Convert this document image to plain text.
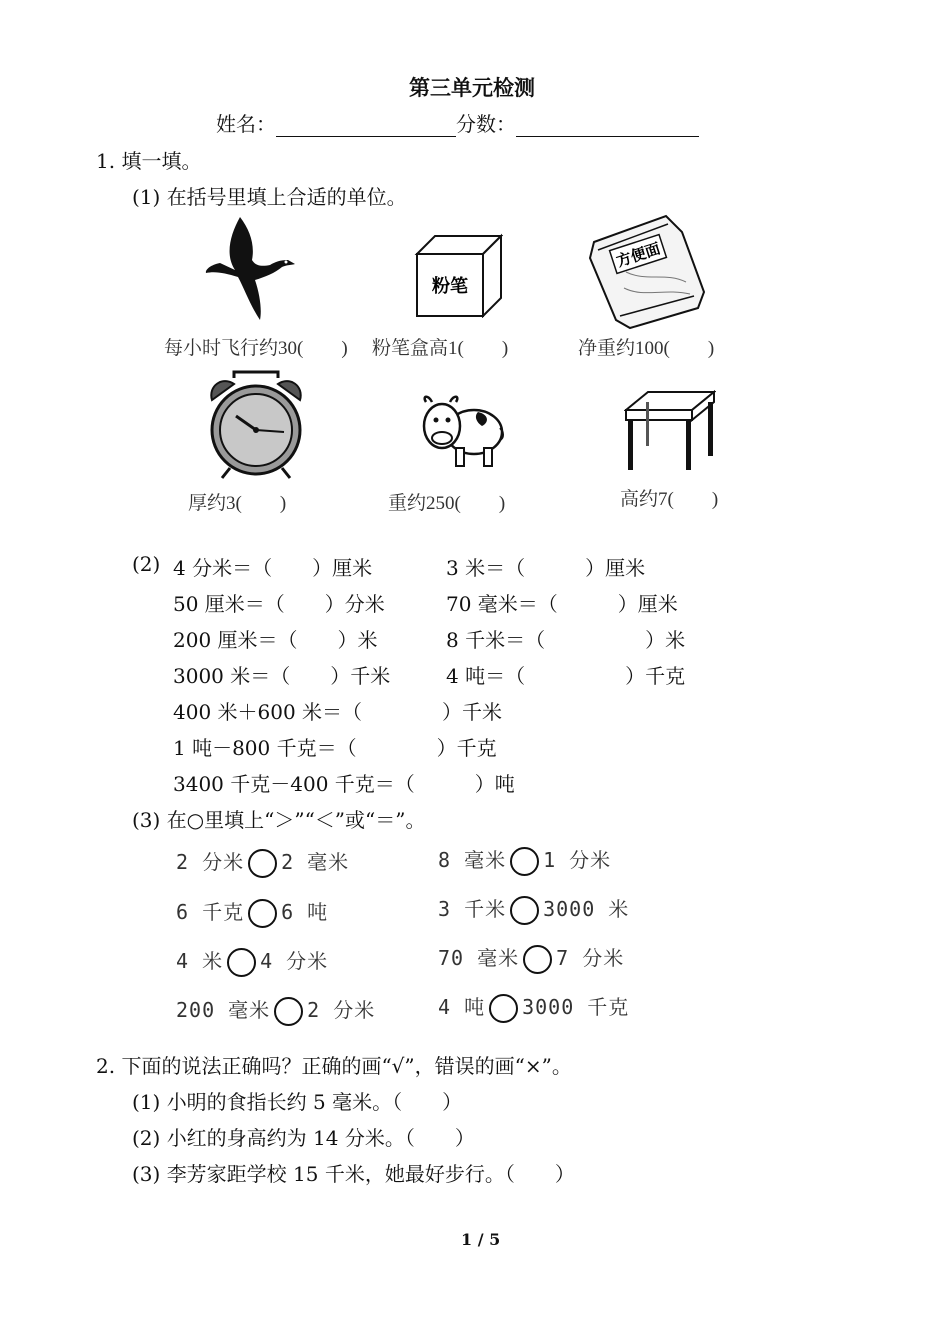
第三单元检测
姓名：	分数：
1. 填一填。
(1) 在括号里填上合适的单位。
粉笔
方便面
每小时飞行约30(　　) 粉笔盒高1(　　)	净重约100(　　)
厚约3(　　)	重约250(　　)	高约7(　　)
(2) 4 分米＝（　　）厘米	3 米＝（　　　）厘米
50 厘米＝（　　）分米	70 毫米＝（　　　）厘米
200 厘米＝（　　）米	8 千米＝（　　　　　）米
3000 米＝（　　）千米	4 吨＝（　　　　　）千克
400 米＋600 米＝（　　　　）千米
1 吨－800 千克＝（　　　　）千克
3400 千克－400 千克＝（　　　）吨
(3) 在○里填上“＞”“＜”或“＝”。
2 分米 2 毫米	8 毫米 1 分米
6 千克 6 吨	3 千米 3000 米
4 米 4 分米	70 毫米 7 分米
200 毫米 2 分米	4 吨 3000 千克
2. 下面的说法正确吗？正确的画“√”，错误的画“×”。
(1) 小明的食指长约 5 毫米。（　　）
(2) 小红的身高约为 14 分米。（　　）
(3) 李芳家距学校 15 千米，她最好步行。（　　）
1 / 5
